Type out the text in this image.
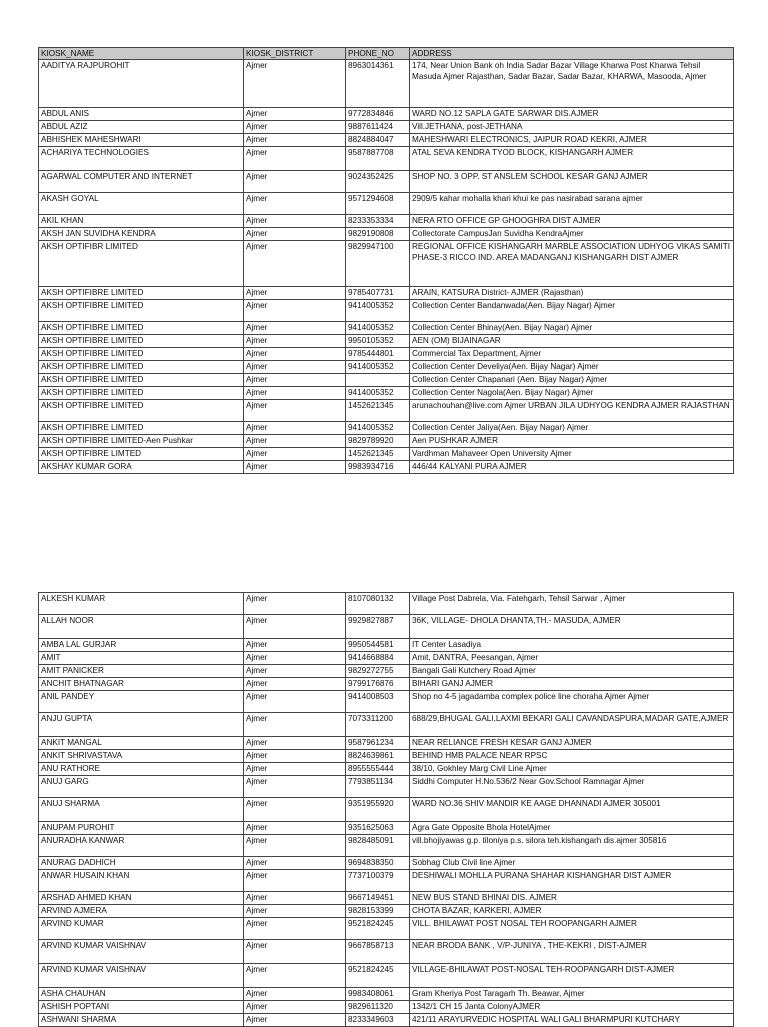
KIOSK_NAME	KIOSK_DISTRICT	PHONE_NO	ADDRESS
AADITYA RAJPUROHIT	Ajmer	8963014361	174, Near Union Bank oh India Sadar Bazar Village Kharwa Post Kharwa Tehsil Masuda Ajmer Rajasthan, Sadar Bazar, Sadar Bazar, KHARWA, Masooda, Ajmer
ABDUL ANIS	Ajmer	9772834846	WARD NO.12 SAPLA GATE SARWAR DIS.AJMER
ABDUL AZIZ	Ajmer	9887611424	Vill.JETHANA, post-JETHANA
ABHISHEK MAHESHWARI	Ajmer	8824884047	MAHESHWARI ELECTRONICS, JAIPUR ROAD KEKRI, AJMER
ACHARIYA TECHNOLOGIES	Ajmer	9587887708	ATAL SEVA KENDRA TYOD BLOCK, KISHANGARH AJMER
AGARWAL COMPUTER AND INTERNET	Ajmer	9024352425	SHOP NO. 3 OPP. ST ANSLEM SCHOOL KESAR GANJ AJMER
AKASH GOYAL	Ajmer	9571294608	2909/5 kahar mohalla khari khui ke pas nasirabad sarana ajmer
AKIL KHAN	Ajmer	8233353334	NERA RTO OFFICE GP GHOOGHRA DIST AJMER
AKSH JAN SUVIDHA KENDRA	Ajmer	9829190808	Collectorate CampusJan Suvidha KendraAjmer
AKSH OPTIFIBR LIMITED	Ajmer	9829947100	REGIONAL OFFICE KISHANGARH MARBLE ASSOCIATION UDHYOG VIKAS SAMITI PHASE-3 RICCO IND. AREA MADANGANJ KISHANGARH DIST AJMER
AKSH OPTIFIBRE LIMITED	Ajmer	9785407731	ARAIN, KATSURA District- AJMER (Rajasthan)
AKSH OPTIFIBRE LIMITED	Ajmer	9414005352	Collection Center Bandanwada(Aen. Bijay Nagar) Ajmer
AKSH OPTIFIBRE LIMITED	Ajmer	9414005352	Collection Center Bhinay(Aen. Bijay Nagar) Ajmer
AKSH OPTIFIBRE LIMITED	Ajmer	9950105352	AEN (OM) BIJAINAGAR
AKSH OPTIFIBRE LIMITED	Ajmer	9785444801	Commercial Tax Department, Ajmer
AKSH OPTIFIBRE LIMITED	Ajmer	9414005352	Collection Center Develiya(Aen. Bijay Nagar) Ajmer
AKSH OPTIFIBRE LIMITED	Ajmer		Collection Center Chapanari (Aen. Bijay Nagar) Ajmer
AKSH OPTIFIBRE LIMITED	Ajmer	9414005352	Collection Center Nagola(Aen. Bijay Nagar) Ajmer
AKSH OPTIFIBRE LIMITED	Ajmer	1452621345	arunachouhan@live.com Ajmer URBAN JILA UDHYOG KENDRA AJMER RAJASTHAN
AKSH OPTIFIBRE LIMITED	Ajmer	9414005352	Collection Center Jaliya(Aen. Bijay Nagar) Ajmer
AKSH OPTIFIBRE LIMITED-Aen Pushkar	Ajmer	9829789920	Aen PUSHKAR AJMER
AKSH OPTIFIBRE LIMTED	Ajmer	1452621345	Vardhman Mahaveer Open University Ajmer
AKSHAY KUMAR GORA	Ajmer	9983934716	446/44 KALYANI PURA AJMER
ALKESH KUMAR	Ajmer	8107080132	Village Post Dabrela, Via. Fatehgarh, Tehsil Sarwar , Ajmer
ALLAH NOOR	Ajmer	9929827887	36K, VILLAGE- DHOLA DHANTA,TH.- MASUDA, AJMER
AMBA LAL GURJAR	Ajmer	9950544581	IT Center Lasadiya
AMIT	Ajmer	9414668884	Amit, DANTRA, Peesangan, Ajmer
AMIT PANICKER	Ajmer	9829272755	Bangali Gali Kutchery Road Ajmer
ANCHIT BHATNAGAR	Ajmer	9799176876	BIHARI GANJ AJMER
ANIL PANDEY	Ajmer	9414008503	Shop no 4-5 jagadamba complex police line choraha Ajmer Ajmer
ANJU GUPTA	Ajmer	7073311200	688/29,BHUGAL GALI,LAXMI BEKARI GALI CAVANDASPURA,MADAR GATE,AJMER
ANKIT MANGAL	Ajmer	9587961234	NEAR RELIANCE FRESH KESAR GANJ AJMER
ANKIT SHRIVASTAVA	Ajmer	8824639861	BEHIND HMB PALACE NEAR RPSC
ANU RATHORE	Ajmer	8955555444	38/10, Gokhley Marg Civil Line Ajmer
ANUJ GARG	Ajmer	7793851134	Siddhi Computer H.No.536/2 Near Gov.School Ramnagar Ajmer
ANUJ SHARMA	Ajmer	9351955920	WARD NO.36 SHIV MANDIR KE AAGE DHANNADI AJMER 305001
ANUPAM PUROHIT	Ajmer	9351625063	Agra Gate Opposite Bhola HotelAjmer
ANURADHA KANWAR	Ajmer	9828485091	vill.bhojiyawas g.p. tiloniya p.s. silora teh.kishangarh dis.ajmer 305816
ANURAG DADHICH	Ajmer	9694838350	Sobhag Club Civil line Ajmer
ANWAR HUSAIN KHAN	Ajmer	7737100379	DESHIWALI MOHLLA PURANA SHAHAR KISHANGHAR DIST AJMER
ARSHAD AHMED KHAN	Ajmer	9667149451	NEW BUS STAND BHINAI DIS. AJMER
ARVIND AJMERA	Ajmer	9828153399	CHOTA BAZAR, KARKERI, AJMER
ARVIND KUMAR	Ajmer	9521824245	VILL. BHILAWAT POST NOSAL TEH ROOPANGARH AJMER
ARVIND KUMAR VAISHNAV	Ajmer	9667858713	NEAR BRODA BANK , V/P-JUNIYA , THE-KEKRI , DIST-AJMER
ARVIND KUMAR VAISHNAV	Ajmer	9521824245	VILLAGE-BHILAWAT POST-NOSAL TEH-ROOPANGARH DIST-AJMER
ASHA CHAUHAN	Ajmer	9983408061	Gram Kheriya Post Taragarh Th. Beawar, Ajmer
ASHISH POPTANI	Ajmer	9829611320	1342/1 CH 15 Janta ColonyAJMER
ASHWANI SHARMA	Ajmer	8233349603	421/11 ARAYURVEDIC HOSPITAL WALI GALI BHARMPURI KUTCHARY
